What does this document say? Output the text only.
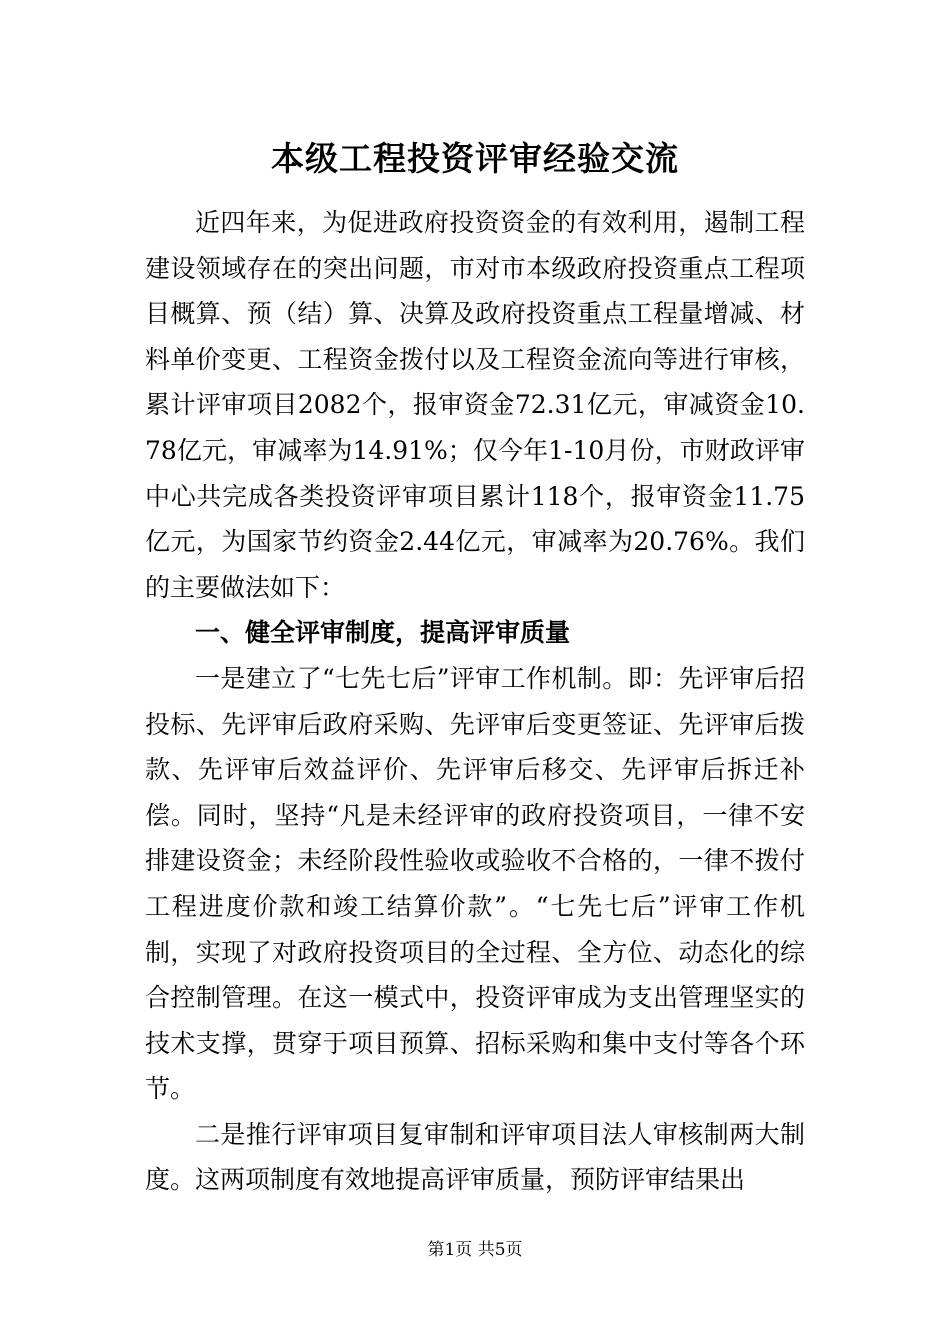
本级工程投资评审经验交流

近四年来，为促进政府投资资金的有效利用，遏制工程建设领域存在的突出问题，市对市本级政府投资重点工程项目概算、预（结）算、决算及政府投资重点工程量增减、材料单价变更、工程资金拨付以及工程资金流向等进行审核，累计评审项目2082个，报审资金72.31亿元，审减资金10.78亿元，审减率为14.91%；仅今年1-10月份，市财政评审中心共完成各类投资评审项目累计118个，报审资金11.75亿元，为国家节约资金2.44亿元，审减率为20.76%。我们的主要做法如下：

一、健全评审制度，提高评审质量

一是建立了“七先七后”评审工作机制。即：先评审后招投标、先评审后政府采购、先评审后变更签证、先评审后拨款、先评审后效益评价、先评审后移交、先评审后拆迁补偿。同时，坚持“凡是未经评审的政府投资项目，一律不安排建设资金；未经阶段性验收或验收不合格的，一律不拨付工程进度价款和竣工结算价款”。“七先七后”评审工作机制，实现了对政府投资项目的全过程、全方位、动态化的综合控制管理。在这一模式中，投资评审成为支出管理坚实的技术支撑，贯穿于项目预算、招标采购和集中支付等各个环节。

二是推行评审项目复审制和评审项目法人审核制两大制度。这两项制度有效地提高评审质量，预防评审结果出

第1页 共5页
